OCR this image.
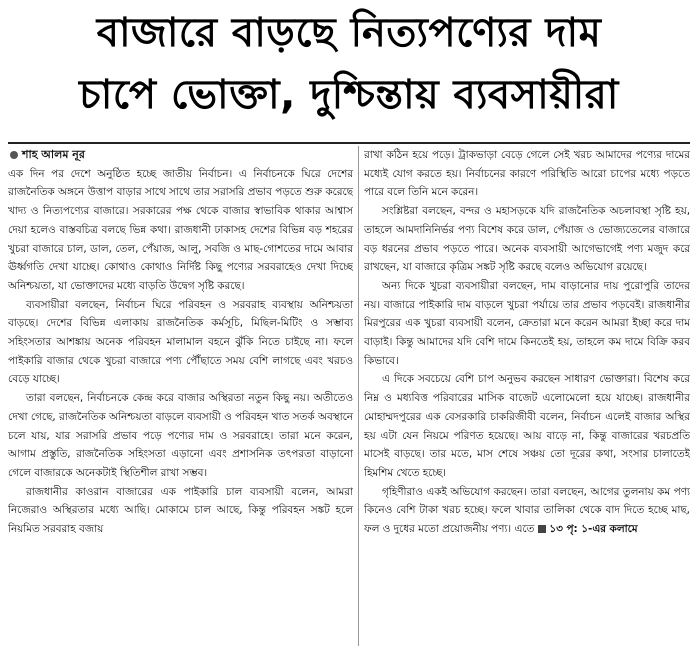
বাজারে বাড়ছে নিত্যপণ্যের দাম
চাপে ভোক্তা, দুশ্চিন্তায় ব্যবসায়ীরা
শাহ আলম নূর

এক দিন পর দেশে অনুষ্ঠিত হচ্ছে জাতীয় নির্বাচন। এ নির্বাচনকে ঘিরে দেশের রাজনৈতিক অঙ্গনে উত্তাপ বাড়ার সাথে সাথে তার সরাসরি প্রভাব পড়তে শুরু করেছে খাদ্য ও নিত্যপণ্যের বাজারে। সরকারের পক্ষ থেকে বাজার স্বাভাবিক থাকার আশ্বাস দেয়া হলেও বাস্তবচিত্র বলছে ভিন্ন কথা। রাজধানী ঢাকাসহ দেশের বিভিন্ন বড় শহরের খুচরা বাজারে চাল, ডাল, তেল, পেঁয়াজ, আলু, সবজি ও মাছ-গোশতের দামে আবার ঊর্ধ্বগতি দেখা যাচ্ছে। কোথাও কোথাও নির্দিষ্ট কিছু পণ্যের সরবরাহেও দেখা দিচ্ছে অনিশ্চয়তা, যা ভোক্তাদের মধ্যে বাড়তি উদ্বেগ সৃষ্টি করছে।

ব্যবসায়ীরা বলছেন, নির্বাচন ঘিরে পরিবহন ও সরবরাহ ব্যবস্থায় অনিশ্চয়তা বাড়ছে। দেশের বিভিন্ন এলাকায় রাজনৈতিক কর্মসূচি, মিছিল-মিটিং ও সম্ভাব্য সহিংসতার আশঙ্কায় অনেক পরিবহন মালামাল বহনে ঝুঁকি নিতে চাইছে না। ফলে পাইকারি বাজার থেকে খুচরা বাজারে পণ্য পৌঁছাতে সময় বেশি লাগছে এবং খরচও বেড়ে যাচ্ছে।

তারা বলছেন, নির্বাচনকে কেন্দ্র করে বাজার অস্থিরতা নতুন কিছু নয়। অতীতেও দেখা গেছে, রাজনৈতিক অনিশ্চয়তা বাড়লে ব্যবসায়ী ও পরিবহন খাত সতর্ক অবস্থানে চলে যায়, যার সরাসরি প্রভাব পড়ে পণ্যের দাম ও সরবরাহে। তারা মনে করেন, আগাম প্রস্তুতি, রাজনৈতিক সহিংসতা এড়ানো এবং প্রশাসনিক তৎপরতা বাড়ানো গেলে বাজারকে অনেকটাই স্থিতিশীল রাখা সম্ভব।

রাজধানীর কাওরান বাজারের এক পাইকারি চাল ব্যবসায়ী বলেন, আমরা নিজেরাও অস্থিরতার মধ্যে আছি। মোকামে চাল আছে, কিন্তু পরিবহন সঙ্কট হলে নিয়মিত সরবরাহ বজায়

রাখা কঠিন হয়ে পড়ে। ট্রাকভাড়া বেড়ে গেলে সেই খরচ আমাদের পণ্যের দামের মধ্যেই যোগ করতে হয়। নির্বাচনের কারণে পরিস্থিতি আরো চাপের মধ্যে পড়তে পারে বলে তিনি মনে করেন।

সংশ্লিষ্টরা বলছেন, বন্দর ও মহাসড়কে যদি রাজনৈতিক অচলাবস্থা সৃষ্টি হয়, তাহলে আমদানিনির্ভর পণ্য বিশেষ করে ডাল, পেঁয়াজ ও ভোজ্যতেলের বাজারে বড় ধরনের প্রভাব পড়তে পারে। অনেক ব্যবসায়ী আগেভাগেই পণ্য মজুদ করে রাখছেন, যা বাজারে কৃত্রিম সঙ্কট সৃষ্টি করছে বলেও অভিযোগ রয়েছে।

অন্য দিকে খুচরা ব্যবসায়ীরা বলছেন, দাম বাড়ানোর দায় পুরোপুরি তাদের নয়। বাজারে পাইকারি দাম বাড়লে খুচরা পর্যায়ে তার প্রভাব পড়বেই। রাজধানীর মিরপুরের এক খুচরা ব্যবসায়ী বলেন, ক্রেতারা মনে করেন আমরা ইচ্ছা করে দাম বাড়াই। কিন্তু আমাদের যদি বেশি দামে কিনতেই হয়, তাহলে কম দামে বিক্রি করব কিভাবে।

এ দিকে সবচেয়ে বেশি চাপ অনুভব করছেন সাধারণ ভোক্তারা। বিশেষ করে নিম্ন ও মধ্যবিত্ত পরিবারের মাসিক বাজেট এলোমেলো হয়ে যাচ্ছে। রাজধানীর মোহাম্মদপুরের এক বেসরকারি চাকরিজীবী বলেন, নির্বাচন এলেই বাজার অস্থির হয় এটা যেন নিয়মে পরিণত হয়েছে। আয় বাড়ে না, কিন্তু বাজারের খরচপ্রতি মাসেই বাড়ছে। তার মতে, মাস শেষে সঞ্চয় তো দূরের কথা, সংসার চালাতেই হিমশিম খেতে হচ্ছে।

গৃহিণীরাও একই অভিযোগ করছেন। তারা বলছেন, আগের তুলনায় কম পণ্য কিনেও বেশি টাকা খরচ হচ্ছে। ফলে খাবার তালিকা থেকে বাদ দিতে হচ্ছে মাছ, ফল ও দুধের মতো প্রয়োজনীয় পণ্য। এতে ১৩ পৃ: ১-এর কলামে
